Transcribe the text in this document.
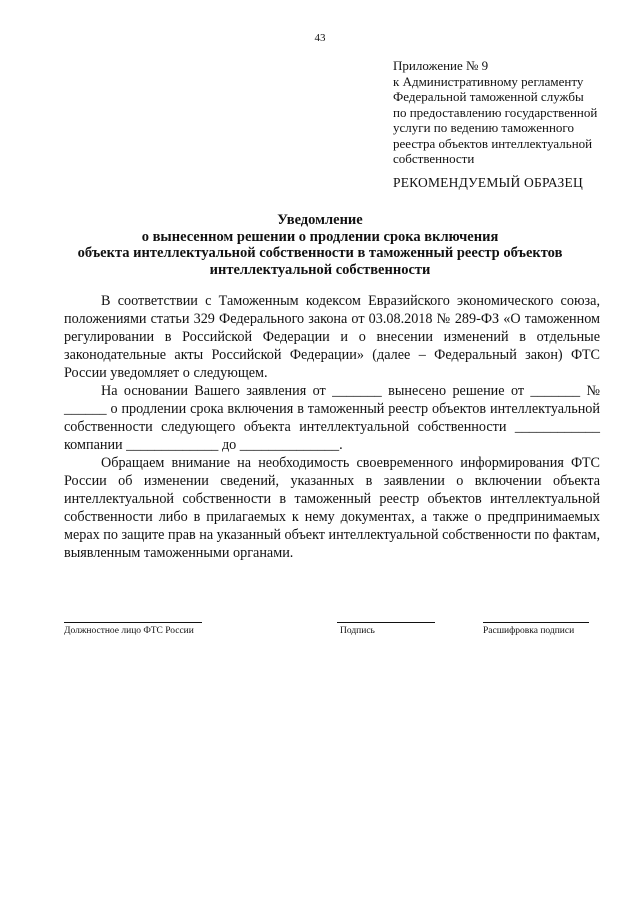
43
Приложение № 9
к Административному регламенту
Федеральной таможенной службы
по предоставлению государственной
услуги по ведению таможенного
реестра объектов интеллектуальной
собственности
РЕКОМЕНДУЕМЫЙ ОБРАЗЕЦ
Уведомление
о вынесенном решении о продлении срока включения
объекта интеллектуальной собственности в таможенный реестр объектов
интеллектуальной собственности

В соответствии с Таможенным кодексом Евразийского экономического союза, положениями статьи 329 Федерального закона от 03.08.2018 № 289-ФЗ «О таможенном регулировании в Российской Федерации и о внесении изменений в отдельные законодательные акты Российской Федерации» (далее – Федеральный закон) ФТС России уведомляет о следующем.

На основании Вашего заявления от _______ вынесено решение от _______ № ______ о продлении срока включения в таможенный реестр объектов интеллектуальной собственности следующего объекта интеллектуальной собственности ____________ компании _____________ до ______________.

Обращаем внимание на необходимость своевременного информирования ФТС России об изменении сведений, указанных в заявлении о включении объекта интеллектуальной собственности в таможенный реестр объектов интеллектуальной собственности либо в прилагаемых к нему документах, а также о предпринимаемых мерах по защите прав на указанный объект интеллектуальной собственности по фактам, выявленным таможенными органами.

Должностное лицо ФТС России	Подпись	Расшифровка подписи
